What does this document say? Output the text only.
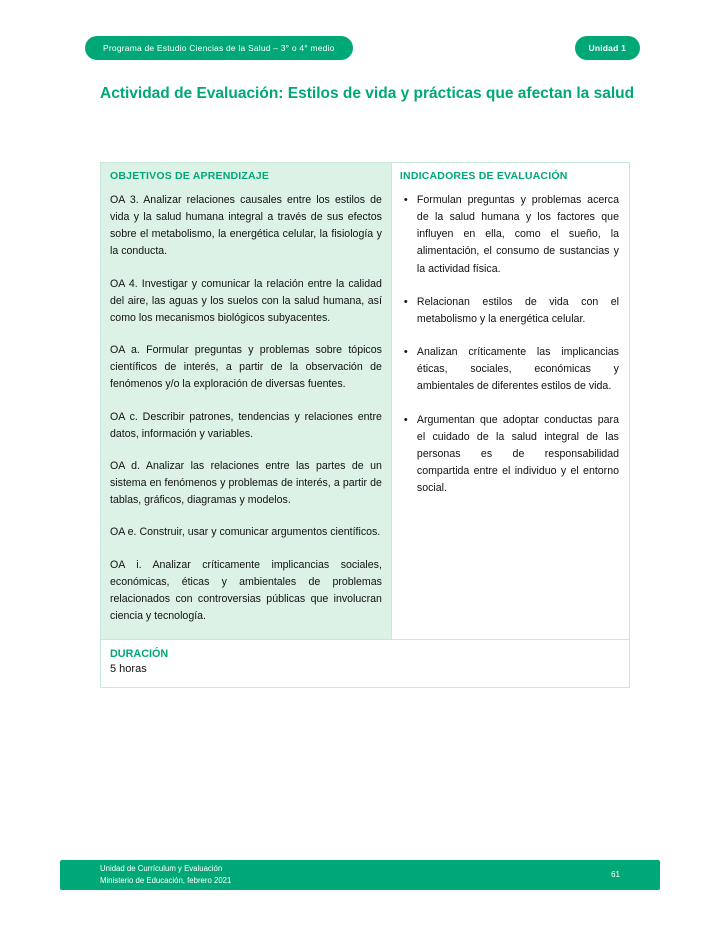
Programa de Estudio Ciencias de la Salud – 3° o 4° medio	Unidad 1
Actividad de Evaluación: Estilos de vida y prácticas que afectan la salud
OBJETIVOS DE APRENDIZAJE

OA 3. Analizar relaciones causales entre los estilos de vida y la salud humana integral a través de sus efectos sobre el metabolismo, la energética celular, la fisiología y la conducta.

OA 4. Investigar y comunicar la relación entre la calidad del aire, las aguas y los suelos con la salud humana, así como los mecanismos biológicos subyacentes.

OA a. Formular preguntas y problemas sobre tópicos científicos de interés, a partir de la observación de fenómenos y/o la exploración de diversas fuentes.

OA c. Describir patrones, tendencias y relaciones entre datos, información y variables.

OA d. Analizar las relaciones entre las partes de un sistema en fenómenos y problemas de interés, a partir de tablas, gráficos, diagramas y modelos.

OA e. Construir, usar y comunicar argumentos científicos.

OA i. Analizar críticamente implicancias sociales, económicas, éticas y ambientales de problemas relacionados con controversias públicas que involucran ciencia y tecnología.

INDICADORES DE EVALUACIÓN
• Formulan preguntas y problemas acerca de la salud humana y los factores que influyen en ella, como el sueño, la alimentación, el consumo de sustancias y la actividad física.
• Relacionan estilos de vida con el metabolismo y la energética celular.
• Analizan críticamente las implicancias éticas, sociales, económicas y ambientales de diferentes estilos de vida.
• Argumentan que adoptar conductas para el cuidado de la salud integral de las personas es de responsabilidad compartida entre el individuo y el entorno social.
DURACIÓN
5 horas
Unidad de Currículum y Evaluación
Ministerio de Educación, febrero 2021
61
